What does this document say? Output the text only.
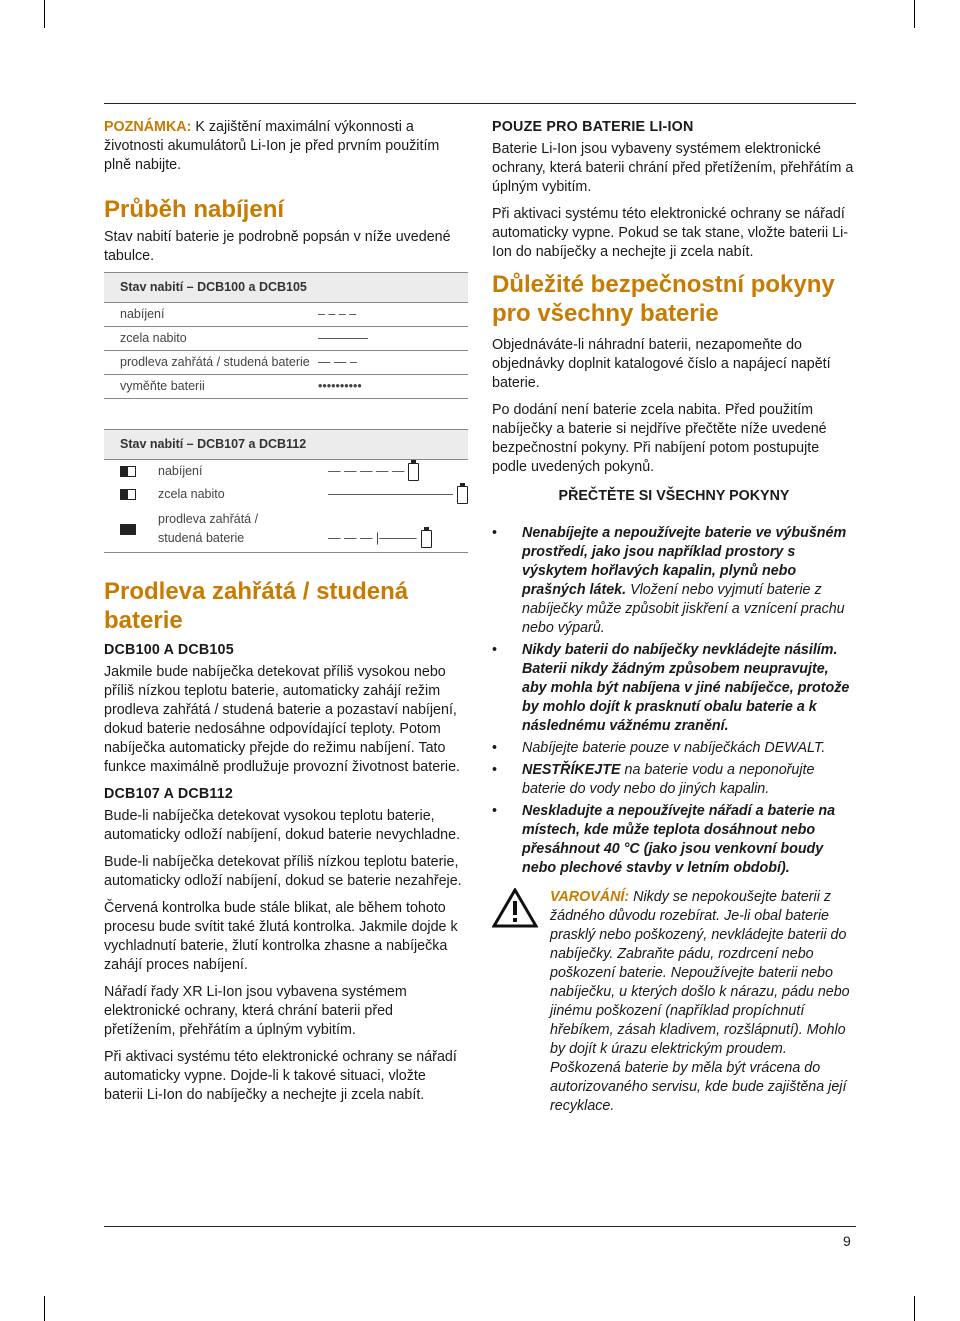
POZNÁMKA: K zajištění maximální výkonnosti a životnosti akumulátorů Li-Ion je před prvním použitím plně nabijte.

Průběh nabíjení

Stav nabití baterie je podrobně popsán v níže uvedené tabulce.

Stav nabití – DCB100 a DCB105	
nabíjení	– – – –
zcela nabito	————
prodleva zahřátá / studená baterie	— — –
vyměňte baterii	••••••••••
Stav nabití – DCB107 a DCB112	

nabíjení	— — — — —

zcela nabito	——————————

prodleva zahřátá / studená baterie	— — — |———
Prodleva zahřátá / studená baterie
DCB100 A DCB105

Jakmile bude nabíječka detekovat příliš vysokou nebo příliš nízkou teplotu baterie, automaticky zahájí režim prodleva zahřátá / studená baterie a pozastaví nabíjení, dokud baterie nedosáhne odpovídající teploty. Potom nabíječka automaticky přejde do režimu nabíjení. Tato funkce maximálně prodlužuje provozní životnost baterie.

DCB107 A DCB112

Bude-li nabíječka detekovat vysokou teplotu baterie, automaticky odloží nabíjení, dokud baterie nevychladne.

Bude-li nabíječka detekovat příliš nízkou teplotu baterie, automaticky odloží nabíjení, dokud se baterie nezahřeje.

Červená kontrolka bude stále blikat, ale během tohoto procesu bude svítit také žlutá kontrolka. Jakmile dojde k vychladnutí baterie, žlutí kontrolka zhasne a nabíječka zahájí proces nabíjení.

Nářadí řady XR Li-Ion jsou vybavena systémem elektronické ochrany, která chrání baterii před přetížením, přehřátím a úplným vybitím.

Při aktivaci systému této elektronické ochrany se nářadí automaticky vypne. Dojde-li k takové situaci, vložte baterii Li-Ion do nabíječky a nechejte ji zcela nabít.

POUZE PRO BATERIE LI-ION

Baterie Li-Ion jsou vybaveny systémem elektronické ochrany, která baterii chrání před přetížením, přehřátím a úplným vybitím.

Při aktivaci systému této elektronické ochrany se nářadí automaticky vypne. Pokud se tak stane, vložte baterii Li-Ion do nabíječky a nechejte ji zcela nabít.

Důležité bezpečnostní pokyny pro všechny baterie

Objednáváte-li náhradní baterii, nezapomeňte do objednávky doplnit katalogové číslo a napájecí napětí baterie.

Po dodání není baterie zcela nabita. Před použitím nabíječky a baterie si nejdříve přečtěte níže uvedené bezpečnostní pokyny. Při nabíjení potom postupujte podle uvedených pokynů.

PŘEČTĚTE SI VŠECHNY POKYNY

• Nenabíjejte a nepoužívejte baterie ve výbušném prostředí, jako jsou například prostory s výskytem hořlavých kapalin, plynů nebo prašných látek. Vložení nebo vyjmutí baterie z nabíječky může způsobit jiskření a vznícení prachu nebo výparů.
• Nikdy baterii do nabíječky nevkládejte násilím. Baterii nikdy žádným způsobem neupravujte, aby mohla být nabíjena v jiné nabíječce, protože by mohlo dojít k prasknutí obalu baterie a k následnému vážnému zranění.
• Nabíjejte baterie pouze v nabíječkách DEWALT.
• NESTŘÍKEJTE na baterie vodu a neponořujte baterie do vody nebo do jiných kapalin.
• Neskladujte a nepoužívejte nářadí a baterie na místech, kde může teplota dosáhnout nebo přesáhnout 40 °C (jako jsou venkovní boudy nebo plechové stavby v letním období).
VAROVÁNÍ: Nikdy se nepokoušejte baterii z žádného důvodu rozebírat. Je-li obal baterie prasklý nebo poškozený, nevkládejte baterii do nabíječky. Zabraňte pádu, rozdrcení nebo poškození baterie. Nepoužívejte baterii nebo nabíječku, u kterých došlo k nárazu, pádu nebo jinému poškození (například propíchnutí hřebíkem, zásah kladivem, rozšlápnutí). Mohlo by dojít k úrazu elektrickým proudem. Poškozená baterie by měla být vrácena do autorizovaného servisu, kde bude zajištěna její recyklace.
9
